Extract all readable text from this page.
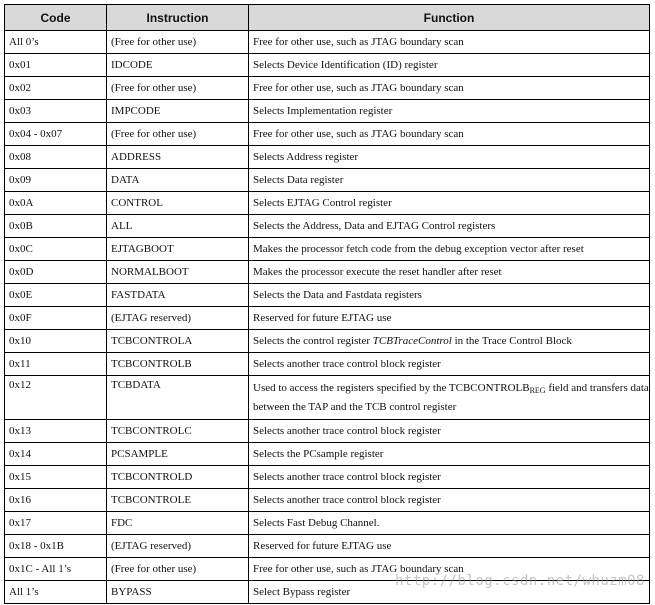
Code	Instruction	Function
All 0’s	(Free for other use)	Free for other use, such as JTAG boundary scan
0x01	IDCODE	Selects Device Identification (ID) register
0x02	(Free for other use)	Free for other use, such as JTAG boundary scan
0x03	IMPCODE	Selects Implementation register
0x04 - 0x07	(Free for other use)	Free for other use, such as JTAG boundary scan
0x08	ADDRESS	Selects Address register
0x09	DATA	Selects Data register
0x0A	CONTROL	Selects EJTAG Control register
0x0B	ALL	Selects the Address, Data and EJTAG Control registers
0x0C	EJTAGBOOT	Makes the processor fetch code from the debug exception vector after reset
0x0D	NORMALBOOT	Makes the processor execute the reset handler after reset
0x0E	FASTDATA	Selects the Data and Fastdata registers
0x0F	(EJTAG reserved)	Reserved for future EJTAG use
0x10	TCBCONTROLA	Selects the control register TCBTraceControl in the Trace Control Block
0x11	TCBCONTROLB	Selects another trace control block register
0x12	TCBDATA	Used to access the registers specified by the $TCBCONTROLB_{REG}$ field and transfers data between the TAP and the TCB control register
0x13	TCBCONTROLC	Selects another trace control block register
0x14	PCSAMPLE	Selects the PCsample register
0x15	TCBCONTROLD	Selects another trace control block register
0x16	TCBCONTROLE	Selects another trace control block register
0x17	FDC	Selects Fast Debug Channel.
0x18 - 0x1B	(EJTAG reserved)	Reserved for future EJTAG use
0x1C - All 1’s	(Free for other use)	Free for other use, such as JTAG boundary scan
All 1’s	BYPASS	Select Bypass register
http://blog.csdn.net/whuzm08
